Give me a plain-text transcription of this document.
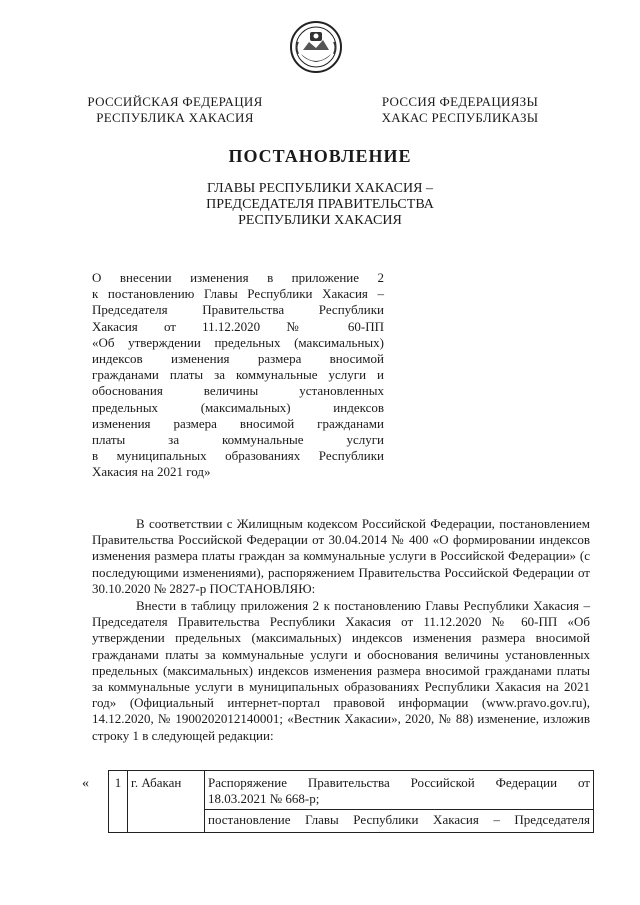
РОССИЙСКАЯ ФЕДЕРАЦИЯ
РЕСПУБЛИКА ХАКАСИЯ
РОССИЯ ФЕДЕРАЦИЯЗЫ
ХАКАС РЕСПУБЛИКАЗЫ
ПОСТАНОВЛЕНИЕ
ГЛАВЫ РЕСПУБЛИКИ ХАКАСИЯ –
ПРЕДСЕДАТЕЛЯ ПРАВИТЕЛЬСТВА
РЕСПУБЛИКИ ХАКАСИЯ
О внесении изменения в приложение 2
к постановлению Главы Республики Хакасия –
Председателя Правительства Республики
Хакасия от 11.12.2020 № 60-ПП
«Об утверждении предельных (максимальных)
индексов изменения размера вносимой
гражданами платы за коммунальные услуги и
обоснования величины установленных
предельных (максимальных) индексов
изменения размера вносимой гражданами
платы за коммунальные услуги
в муниципальных образованиях Республики
Хакасия на 2021 год»

В соответствии с Жилищным кодексом Российской Федерации, постановлением Правительства Российской Федерации от 30.04.2014 № 400 «О формировании индексов изменения размера платы граждан за коммунальные услуги в Российской Федерации» (с последующими изменениями), распоряжением Правительства Российской Федерации от 30.10.2020 № 2827-р ПОСТАНОВЛЯЮ:

Внести в таблицу приложения 2 к постановлению Главы Республики Хакасия – Председателя Правительства Республики Хакасия от 11.12.2020 № 60-ПП «Об утверждении предельных (максимальных) индексов изменения размера вносимой гражданами платы за коммунальные услуги и обоснования величины установленных предельных (максимальных) индексов изменения размера вносимой гражданами платы за коммунальные услуги в муниципальных образованиях Республики Хакасия на 2021 год» (Официальный интернет-портал правовой информации (www.pravo.gov.ru), 14.12.2020, № 1900202012140001; «Вестник Хакасии», 2020, № 88) изменение, изложив строку 1 в следующей редакции:

« 1	г. Абакан	Распоряжение Правительства Российской Федерации от
18.03.2021 № 668-р;
постановление Главы Республики Хакасия – Председателя
